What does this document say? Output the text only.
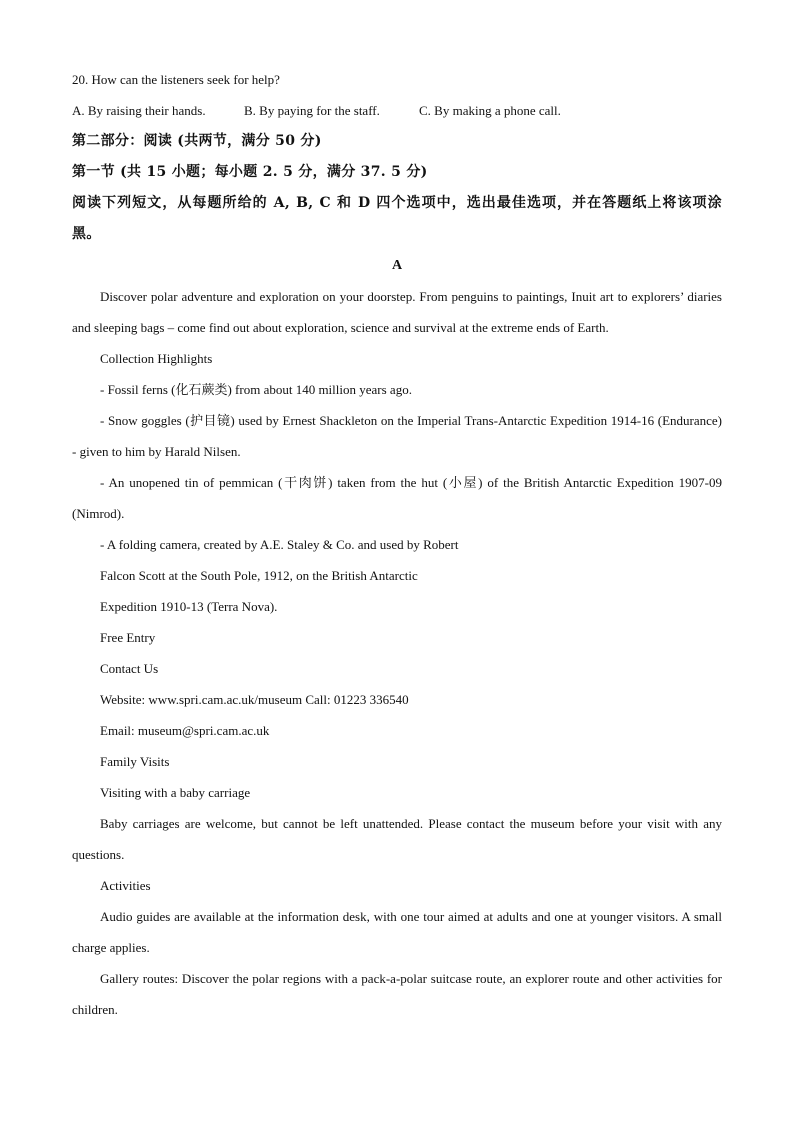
20. How can the listeners seek for help?
A. By raising their hands.	B. By paying for the staff.	C. By making a phone call.
第二部分：阅读 (共两节，满分 50 分)
第一节 (共 15 小题；每小题 2. 5 分，满分 37. 5 分)
阅读下列短文，从每题所给的 A, B, C 和 D 四个选项中，选出最佳选项，并在答题纸上将该项涂黑。
A
Discover polar adventure and exploration on your doorstep. From penguins to paintings, Inuit art to explorers’ diaries and sleeping bags – come find out about exploration, science and survival at the extreme ends of Earth.
Collection Highlights
- Fossil ferns (化石蕨类) from about 140 million years ago.
- Snow goggles (护目镜) used by Ernest Shackleton on the Imperial Trans-Antarctic Expedition 1914-16 (Endurance) - given to him by Harald Nilsen.
- An unopened tin of pemmican (干肉饼) taken from the hut (小屋) of the British Antarctic Expedition 1907-09 (Nimrod).
- A folding camera, created by A.E. Staley & Co. and used by Robert
Falcon Scott at the South Pole, 1912, on the British Antarctic
Expedition 1910-13 (Terra Nova).
Free Entry
Contact Us
Website: www.spri.cam.ac.uk/museum Call: 01223 336540
Email: museum@spri.cam.ac.uk
Family Visits
Visiting with a baby carriage
Baby carriages are welcome, but cannot be left unattended. Please contact the museum before your visit with any questions.
Activities
Audio guides are available at the information desk, with one tour aimed at adults and one at younger visitors. A small charge applies.
Gallery routes: Discover the polar regions with a pack-a-polar suitcase route, an explorer route and other activities for children.
